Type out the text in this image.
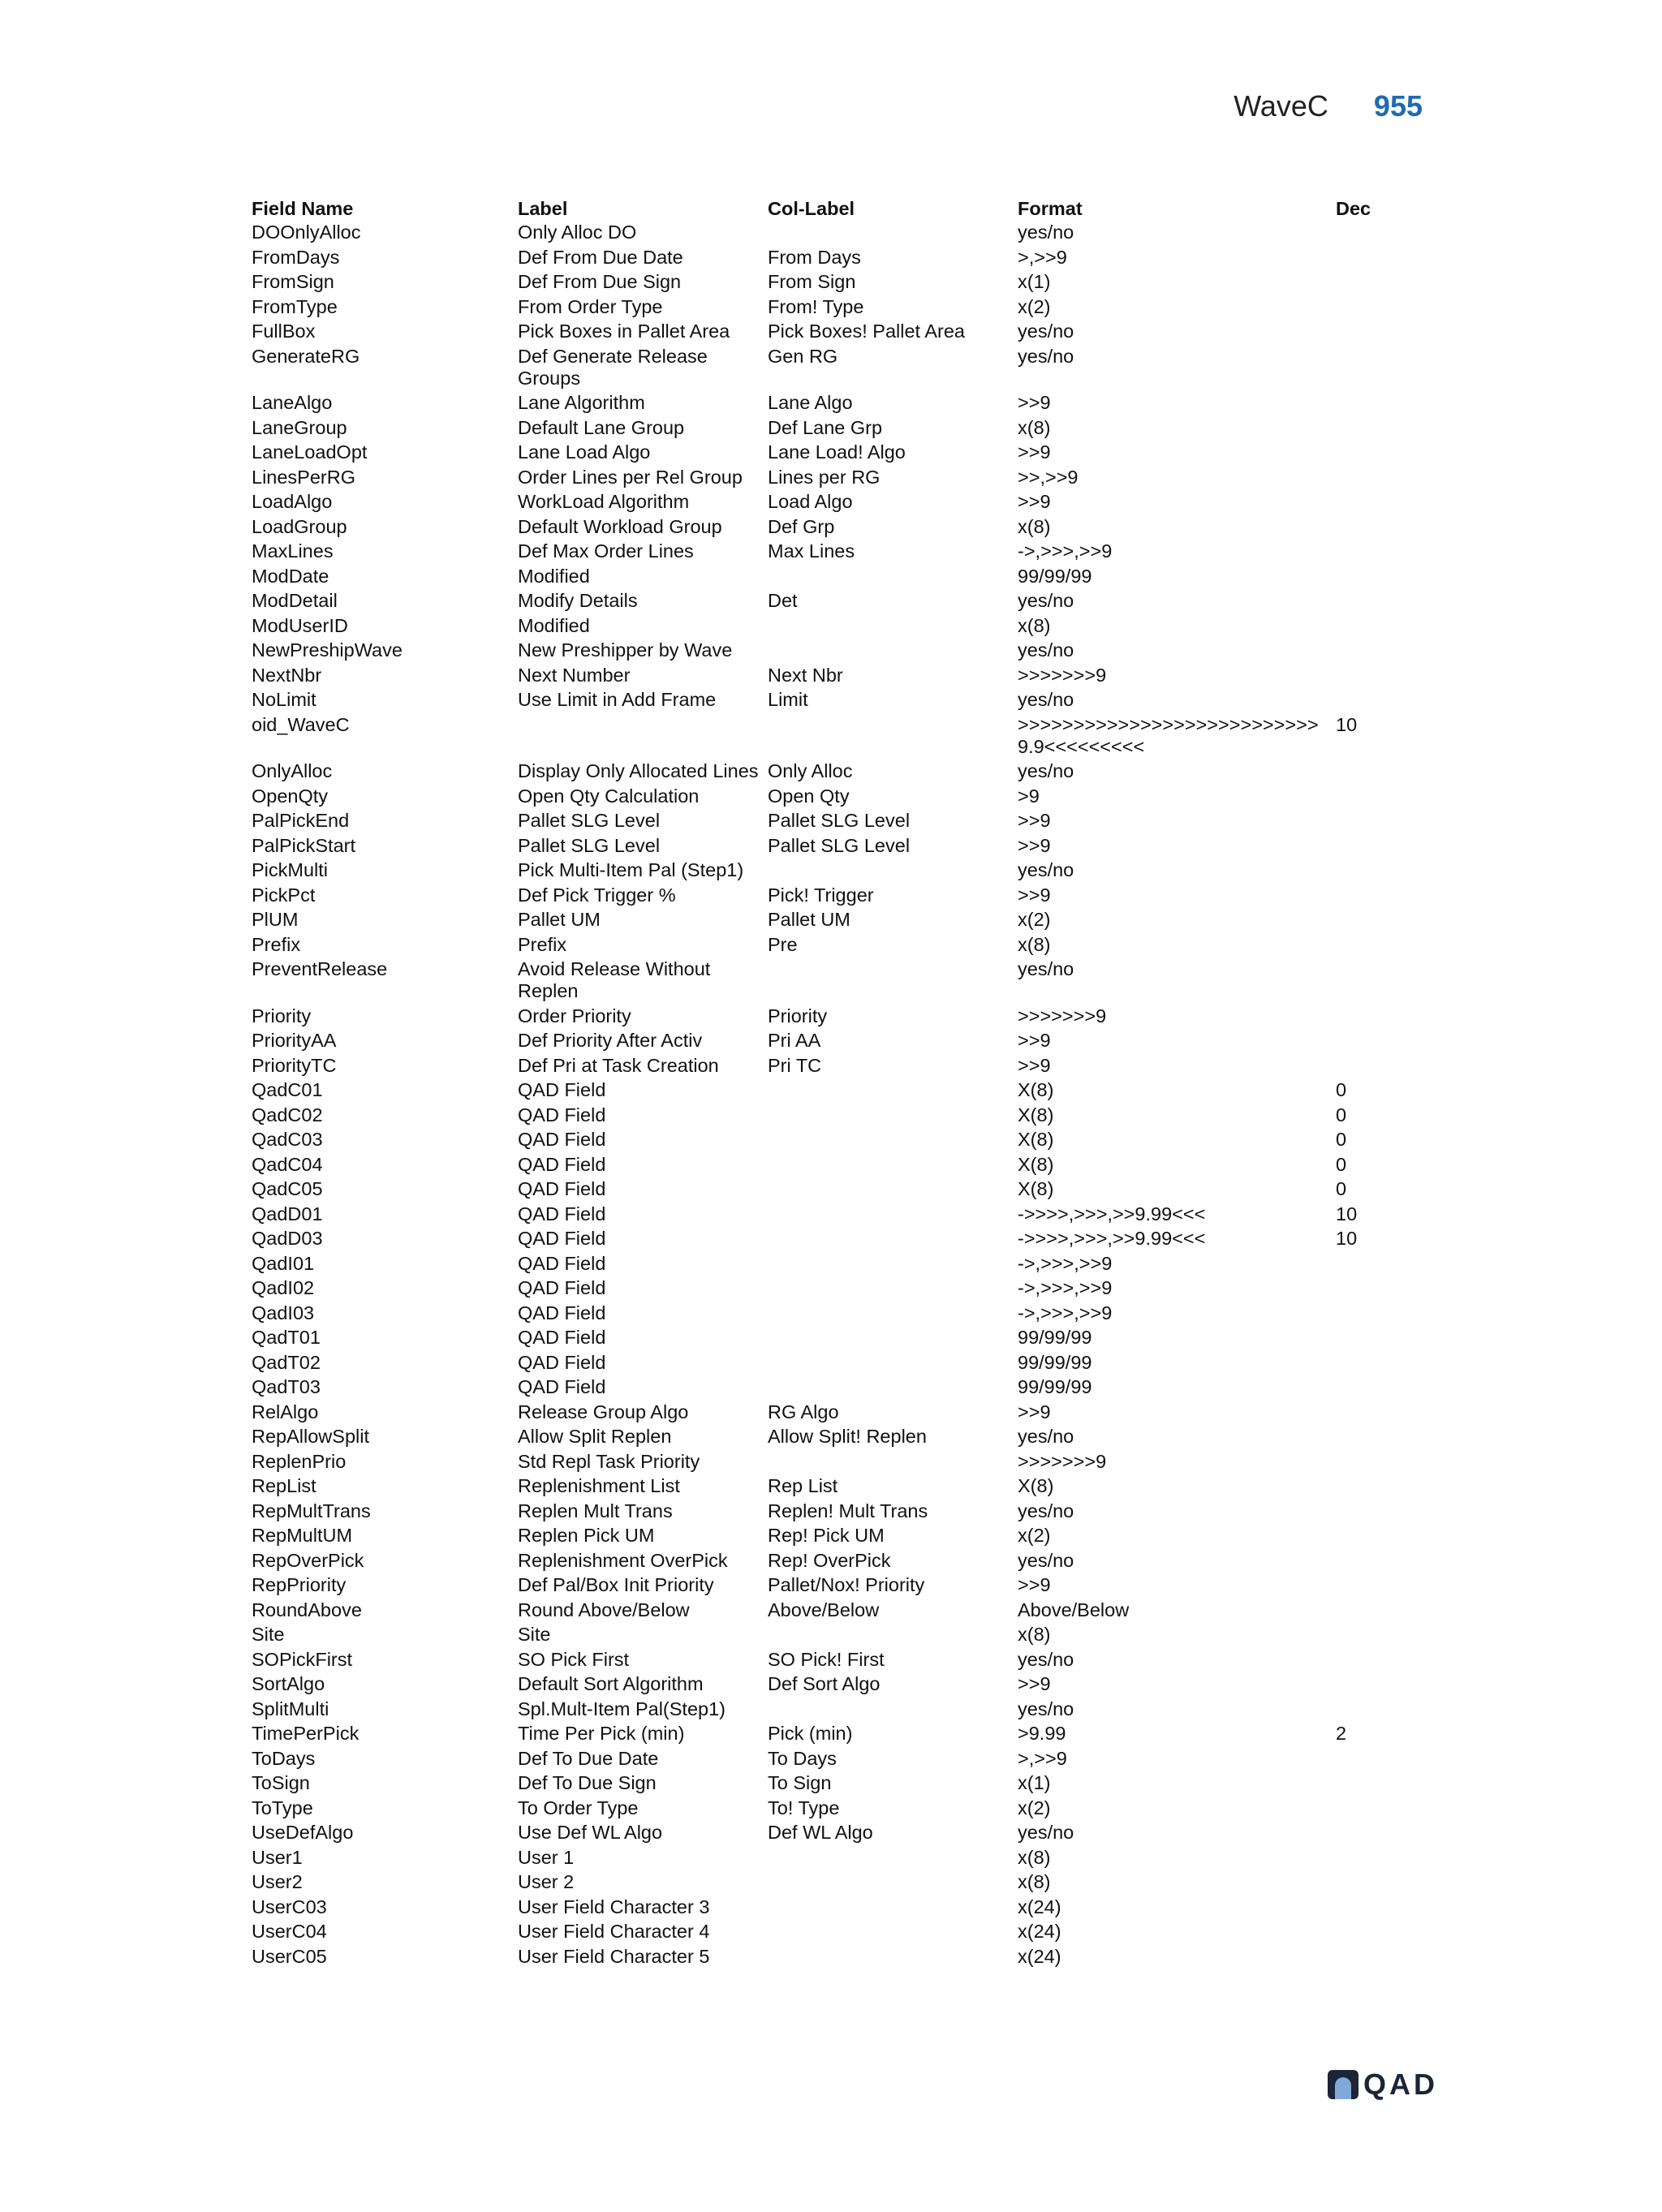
WaveC 955
Field Name	Label	Col-Label	Format	Dec
DOOnlyAlloc	Only Alloc DO		yes/no	
FromDays	Def From Due Date	From Days	>,>>9	
FromSign	Def From Due Sign	From Sign	x(1)	
FromType	From Order Type	From! Type	x(2)	
FullBox	Pick Boxes in Pallet Area	Pick Boxes! Pallet Area	yes/no	
GenerateRG	Def Generate Release Groups	Gen RG	yes/no	
LaneAlgo	Lane Algorithm	Lane Algo	>>9	
LaneGroup	Default Lane Group	Def Lane Grp	x(8)	
LaneLoadOpt	Lane Load Algo	Lane Load! Algo	>>9	
LinesPerRG	Order Lines per Rel Group	Lines per RG	>>,>>9	
LoadAlgo	WorkLoad Algorithm	Load Algo	>>9	
LoadGroup	Default Workload Group	Def Grp	x(8)	
MaxLines	Def Max Order Lines	Max Lines	->,>>>,>>9	
ModDate	Modified		99/99/99	
ModDetail	Modify Details	Det	yes/no	
ModUserID	Modified		x(8)	
NewPreshipWave	New Preshipper by Wave		yes/no	
NextNbr	Next Number	Next Nbr	>>>>>>>9	
NoLimit	Use Limit in Add Frame	Limit	yes/no	
oid_WaveC			>>>>>>>>>>>>>>>>>>>>>>>>>>>9.9<<<<<<<<<	10
OnlyAlloc	Display Only Allocated Lines	Only Alloc	yes/no	
OpenQty	Open Qty Calculation	Open Qty	>9	
PalPickEnd	Pallet SLG Level	Pallet SLG Level	>>9	
PalPickStart	Pallet SLG Level	Pallet SLG Level	>>9	
PickMulti	Pick Multi-Item Pal (Step1)		yes/no	
PickPct	Def Pick Trigger %	Pick! Trigger	>>9	
PlUM	Pallet UM	Pallet UM	x(2)	
Prefix	Prefix	Pre	x(8)	
PreventRelease	Avoid Release Without Replen		yes/no	
Priority	Order Priority	Priority	>>>>>>>9	
PriorityAA	Def Priority After Activ	Pri AA	>>9	
PriorityTC	Def Pri at Task Creation	Pri TC	>>9	
QadC01	QAD Field		X(8)	0
QadC02	QAD Field		X(8)	0
QadC03	QAD Field		X(8)	0
QadC04	QAD Field		X(8)	0
QadC05	QAD Field		X(8)	0
QadD01	QAD Field		->>>>,>>>,>>9.99<<<	10
QadD03	QAD Field		->>>>,>>>,>>9.99<<<	10
QadI01	QAD Field		->,>>>,>>9	
QadI02	QAD Field		->,>>>,>>9	
QadI03	QAD Field		->,>>>,>>9	
QadT01	QAD Field		99/99/99	
QadT02	QAD Field		99/99/99	
QadT03	QAD Field		99/99/99	
RelAlgo	Release Group Algo	RG Algo	>>9	
RepAllowSplit	Allow Split Replen	Allow Split! Replen	yes/no	
ReplenPrio	Std Repl Task Priority		>>>>>>>9	
RepList	Replenishment List	Rep List	X(8)	
RepMultTrans	Replen Mult Trans	Replen! Mult Trans	yes/no	
RepMultUM	Replen Pick UM	Rep! Pick UM	x(2)	
RepOverPick	Replenishment OverPick	Rep! OverPick	yes/no	
RepPriority	Def Pal/Box Init Priority	Pallet/Nox! Priority	>>9	
RoundAbove	Round Above/Below	Above/Below	Above/Below	
Site	Site		x(8)	
SOPickFirst	SO Pick First	SO Pick! First	yes/no	
SortAlgo	Default Sort Algorithm	Def Sort Algo	>>9	
SplitMulti	Spl.Mult-Item Pal(Step1)		yes/no	
TimePerPick	Time Per Pick (min)	Pick (min)	>9.99	2
ToDays	Def To Due Date	To Days	>,>>9	
ToSign	Def To Due Sign	To Sign	x(1)	
ToType	To Order Type	To! Type	x(2)	
UseDefAlgo	Use Def WL Algo	Def WL Algo	yes/no	
User1	User 1		x(8)	
User2	User 2		x(8)	
UserC03	User Field Character 3		x(24)	
UserC04	User Field Character 4		x(24)	
UserC05	User Field Character 5		x(24)	
QAD
